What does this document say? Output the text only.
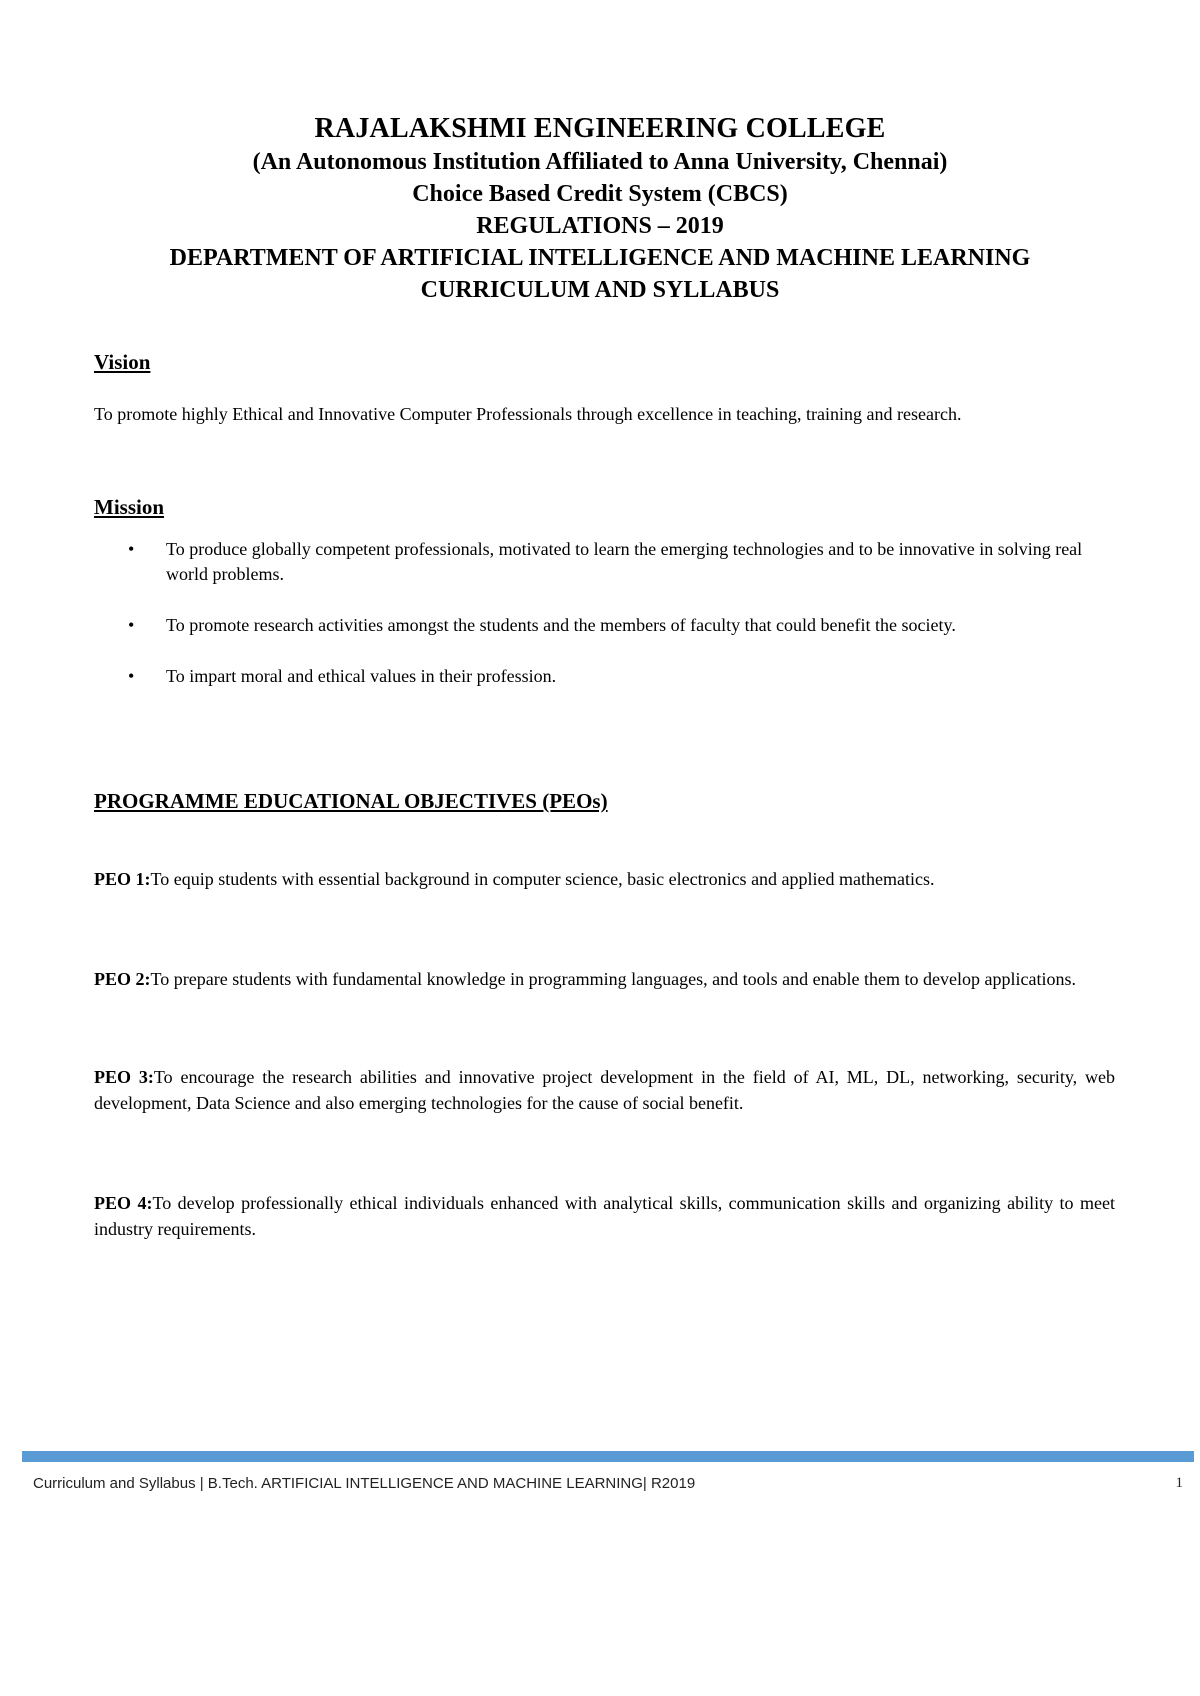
RAJALAKSHMI ENGINEERING COLLEGE
(An Autonomous Institution Affiliated to Anna University, Chennai)
Choice Based Credit System (CBCS)
REGULATIONS – 2019
DEPARTMENT OF ARTIFICIAL INTELLIGENCE AND MACHINE LEARNING
CURRICULUM AND SYLLABUS
Vision
To promote highly Ethical and Innovative Computer Professionals through excellence in teaching, training and research.
Mission
• To produce globally competent professionals, motivated to learn the emerging technologies and to be innovative in solving real world problems.
• To promote research activities amongst the students and the members of faculty that could benefit the society.
• To impart moral and ethical values in their profession.
PROGRAMME EDUCATIONAL OBJECTIVES (PEOs)
PEO 1:To equip students with essential background in computer science, basic electronics and applied mathematics.
PEO 2:To prepare students with fundamental knowledge in programming languages, and tools and enable them to develop applications.
PEO 3:To encourage the research abilities and innovative project development in the field of AI, ML, DL, networking, security, web development, Data Science and also emerging technologies for the cause of social benefit.
PEO 4:To develop professionally ethical individuals enhanced with analytical skills, communication skills and organizing ability to meet industry requirements.
Curriculum and Syllabus | B.Tech. ARTIFICIAL INTELLIGENCE AND MACHINE LEARNING| R2019	1
